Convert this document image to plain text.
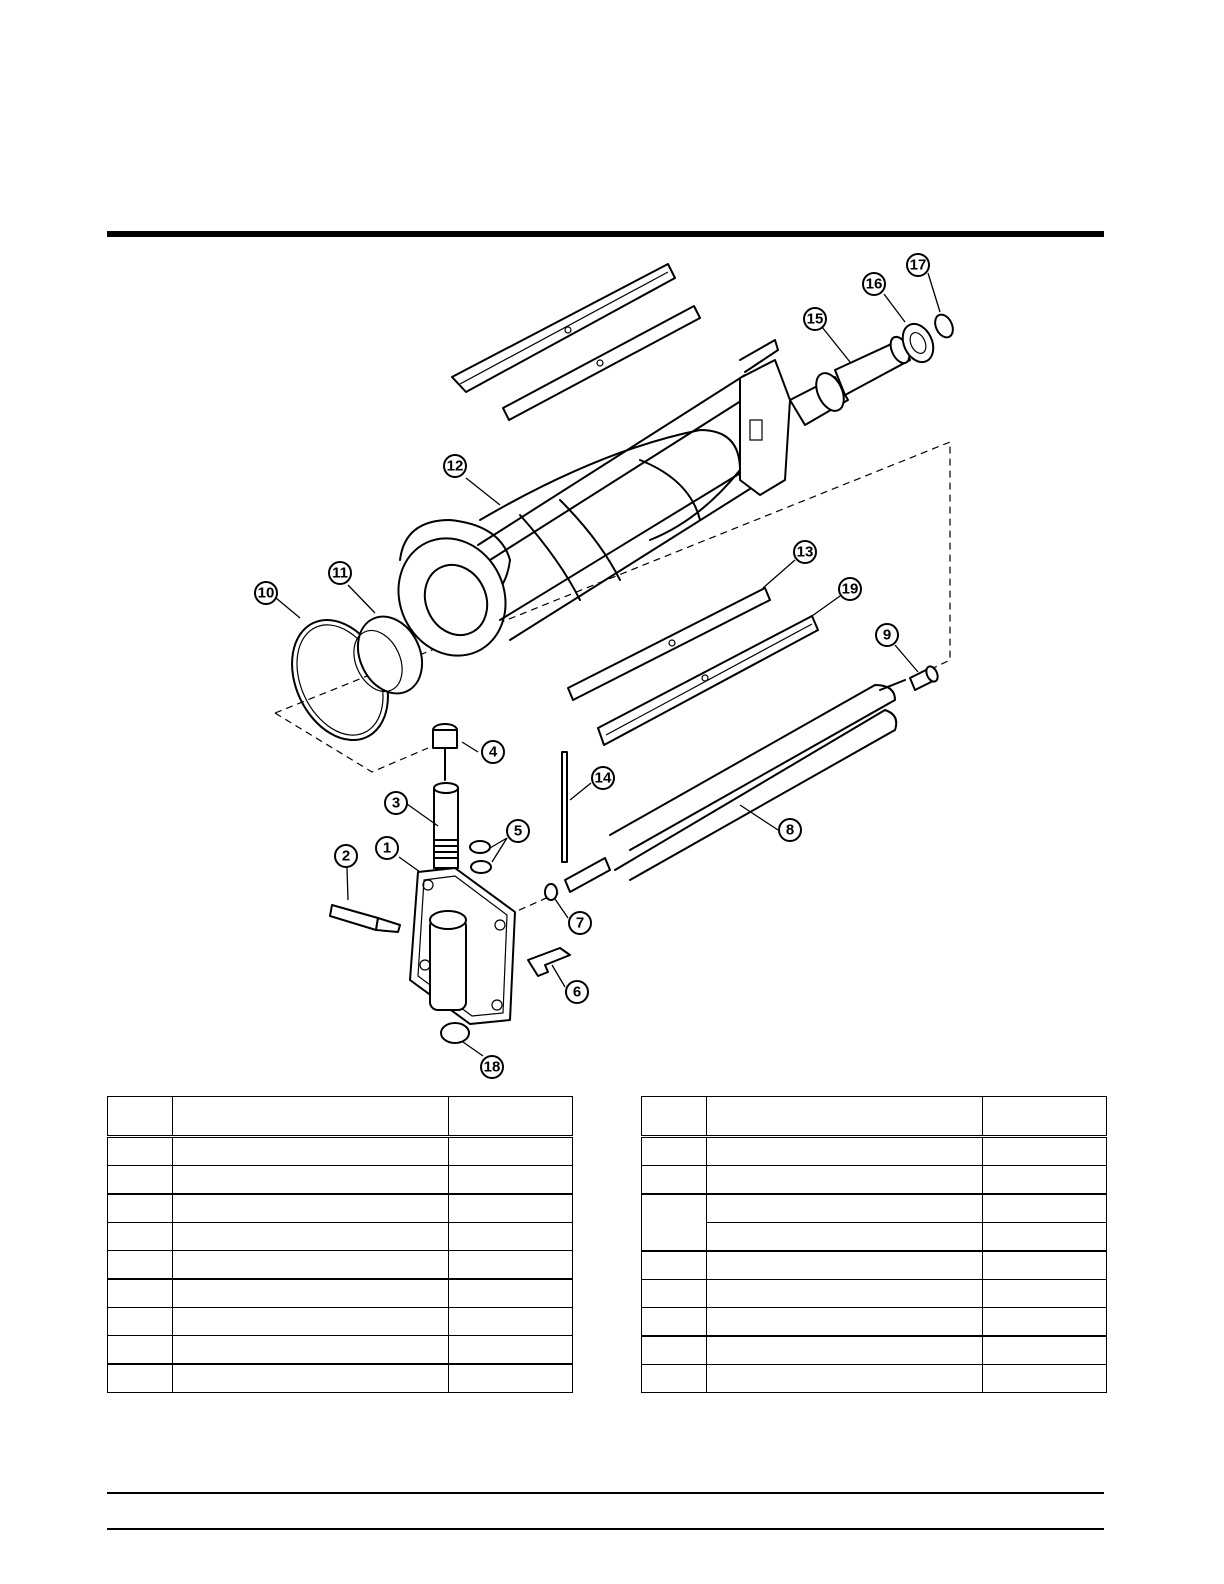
1
2
3
4
5
6
7
8
9
10
11
12
13
14
15
16
17
18
19
